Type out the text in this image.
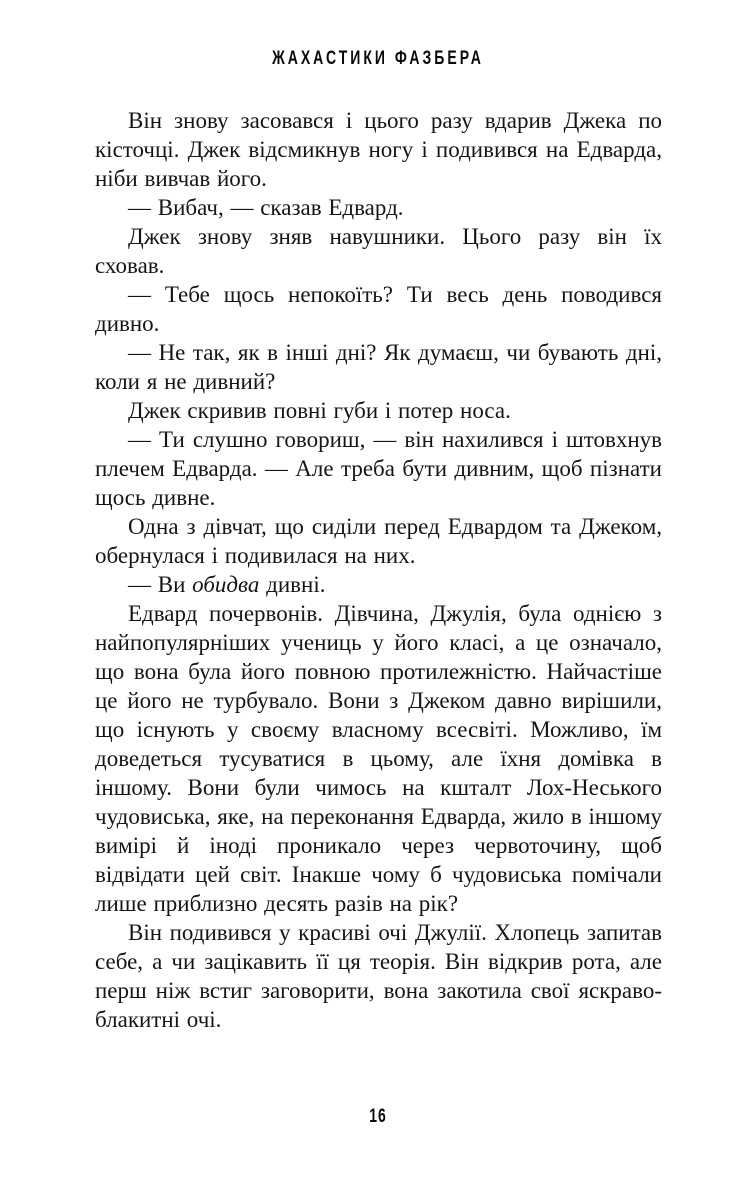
ЖАХАСТИКИ ФАЗБЕРА

Він знову засовався і цього разу вдарив Джека по кісточці. Джек відсмикнув ногу і подивився на Едварда, ніби вивчав його.

— Вибач, — сказав Едвард.

Джек знову зняв навушники. Цього разу він їх сховав.

— Тебе щось непокоїть? Ти весь день поводився дивно.

— Не так, як в інші дні? Як думаєш, чи бувають дні, коли я не дивний?

Джек скривив повні губи і потер носа.

— Ти слушно говориш, — він нахилився і штовхнув плечем Едварда. — Але треба бути дивним, щоб пізнати щось дивне.

Одна з дівчат, що сиділи перед Едвардом та Джеком, обернулася і подивилася на них.

— Ви обидва дивні.

Едвард почервонів. Дівчина, Джулія, була однією з найпопулярніших учениць у його класі, а це означало, що вона була його повною протилежністю. Найчастіше це його не турбувало. Вони з Джеком давно вирішили, що існують у своєму власному всесвіті. Можливо, їм доведеться тусуватися в цьому, але їхня домівка в іншому. Вони були чимось на кшталт Лох-Неського чудовиська, яке, на переконання Едварда, жило в іншому вимірі й іноді проникало через червоточину, щоб відвідати цей світ. Інакше чому б чудовиська помічали лише приблизно десять разів на рік?

Він подивився у красиві очі Джулії. Хлопець запитав себе, а чи зацікавить її ця теорія. Він відкрив рота, але перш ніж встиг заговорити, вона закотила свої яскраво-блакитні очі.

16
